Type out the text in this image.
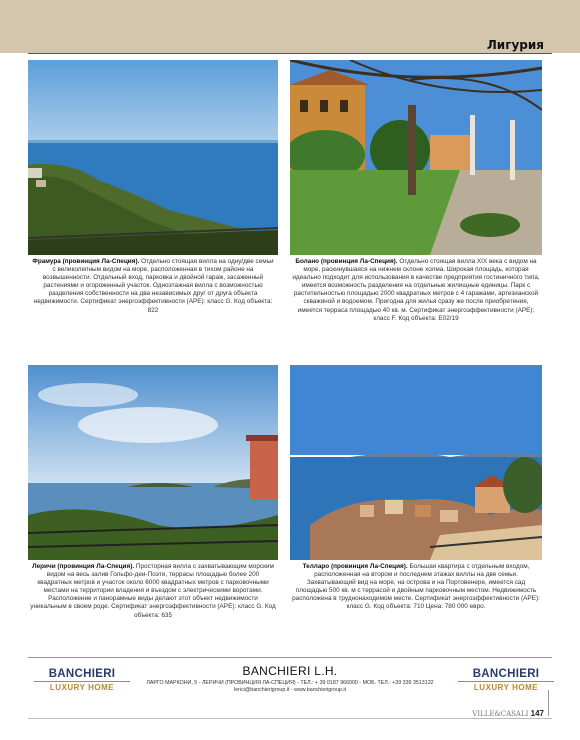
Лигурия
Фрамура (провинция Ла-Специя). Отдельно стоящая вилла на одну/две семьи с великолепным видом на море, расположенная в тихом районе на возвышенности. Отдельный вход, парковка и двойной гараж, засаженный растениями и огороженный участок. Одноэтажная вилла с возможностью разделения собственности на два независимых друг от друга объекта недвижимости. Сертификат энергоэффективности (APE): класс G. Код объекта: 822
Болано (провинция Ла-Специя). Отдельно стоящая вилла XIX века с видом на море, раскинувшаяся на нижнем склоне холма. Широкая площадь, которая идеально подходит для использования в качестве предприятия гостиничного типа, имеется возможность разделения на отдельные жилищные единицы. Парк с растительностью площадью 2000 квадратных метров с 4 гаражами, артезианской скважиной и водоемом. Пригодна для жилья сразу же после приобретения, имеется терраса площадью 40 кв. м. Сертификат энергоэффективности (APE): класс F. Код объекта: E02/19
Леричи (провинция Ла-Специя). Просторная вилла с захватывающим морским видом на весь залив Гольфо-деи-Поэти, террасы площадью более 200 квадратных метров и участок около 6000 квадратных метров с парковочными местами на территории владения и въездом с электрическими воротами. Расположение и панорамные виды делают этот объект недвижимости уникальным в своем роде. Сертификат энергоэффективности (APE): класс G. Код объекта: 635
Телларо (провинция Ла-Специя). Большая квартира с отдельным входом, расположенная на втором и последнем этажах виллы на две семьи. Захватывающий вид на море, на острова и на Портовенере, имеется сад площадью 500 кв. м с террасой и двойным парковочным местом. Недвижимость расположена в труднонаходимом месте. Сертификат энергоэффективности (APE): класс G. Код объекта: 710 Цена: 780 000 евро.
BANCHIERI
LUXURY HOME
BANCHIERI L.H.
ЛАРГО МАРКОНИ, 5 - ЛЕРИЧИ (ПРОВИНЦИЯ ЛА-СПЕЦИЯ) - ТЕЛ.: + 39 0187 966000 - МОБ. ТЕЛ.: +39 339 3513132
lerici@banchierigroup.it - www.banchierigroup.it
BANCHIERI
LUXURY HOME
VILLE&CASALI 147
